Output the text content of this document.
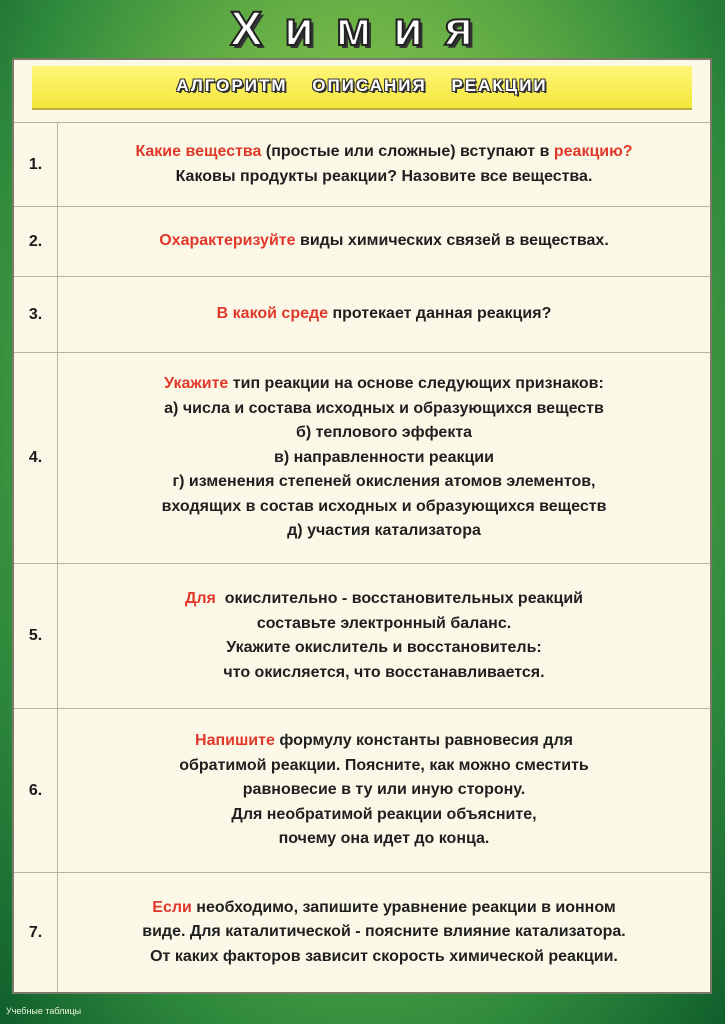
Химия
АЛГОРИТМ ОПИСАНИЯ РЕАКЦИИ
1.
Какие вещества (простые или сложные) вступают в реакцию?
Каковы продукты реакции? Назовите все вещества.
2.	Охарактеризуйте виды химических связей в веществах.
3.	В какой среде протекает данная реакция?
4.
Укажите тип реакции на основе следующих признаков:
а) числа и состава исходных и образующихся веществ
б) теплового эффекта
в) направленности реакции
г) изменения степеней окисления атомов элементов,
входящих в состав исходных и образующихся веществ
д) участия катализатора
5.
Для  окислительно - восстановительных реакций
составьте электронный баланс.
Укажите окислитель и восстановитель:
что окисляется, что восстанавливается.
6.
Напишите формулу константы равновесия для
обратимой реакции. Поясните, как можно сместить
равновесие в ту или иную сторону.
Для необратимой реакции объясните,
почему она идет до конца.
7.
Если необходимо, запишите уравнение реакции в ионном
виде. Для каталитической - поясните влияние катализатора.
От каких факторов зависит скорость химической реакции.
Учебные таблицы
